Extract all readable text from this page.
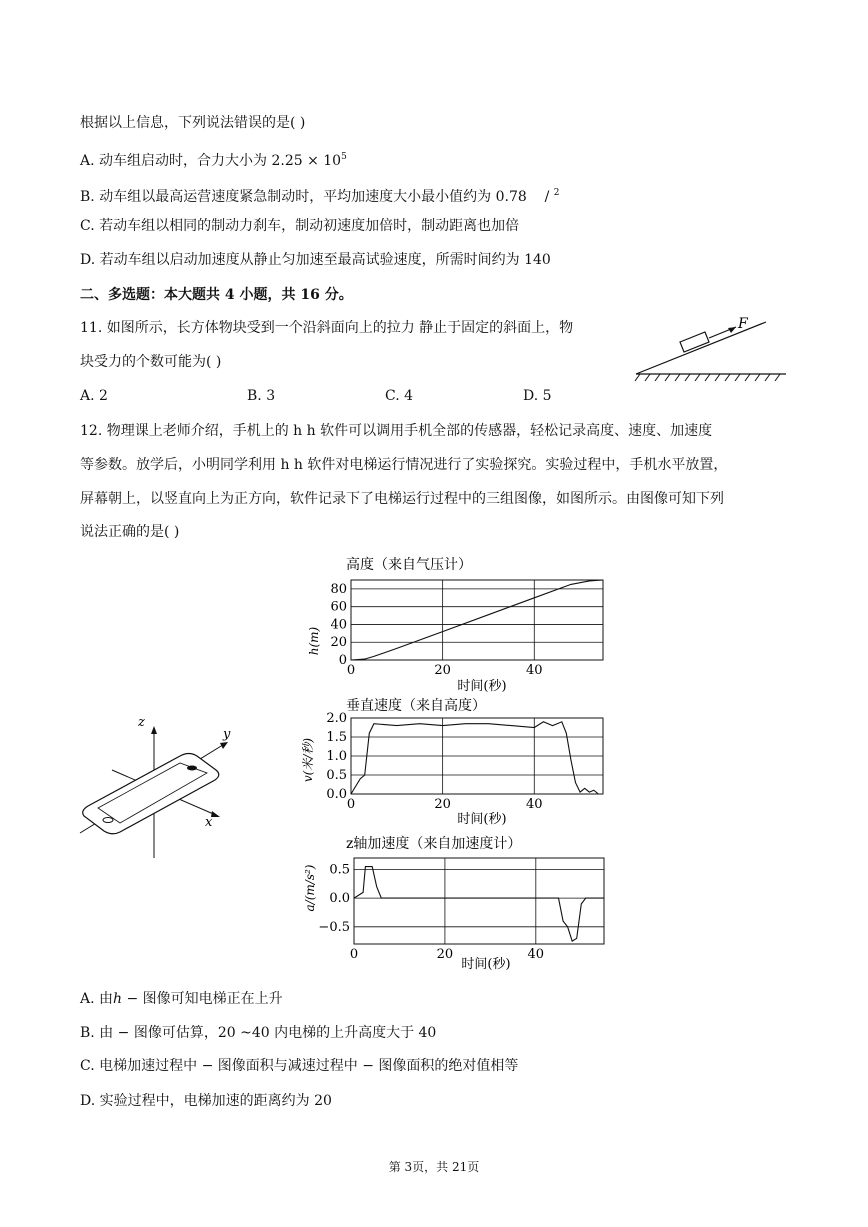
根据以上信息，下列说法错误的是( )
A. 动车组启动时，合力大小为 $2.25 \times 10^5$
B. 动车组以最高运营速度紧急制动时，平均加速度大小最小值约为 0.78 / $^2$
C. 若动车组以相同的制动力刹车，制动初速度加倍时，制动距离也加倍
D. 若动车组以启动加速度从静止匀加速至最高试验速度，所需时间约为 140
二、多选题：本大题共 4 小题，共 16 分。
11. 如图所示，长方体物块受到一个沿斜面向上的拉力 静止于固定的斜面上，物
块受力的个数可能为( )
A. 2	B. 3	C. 4	D. 5
F
12. 物理课上老师介绍，手机上的 h h 软件可以调用手机全部的传感器，轻松记录高度、速度、加速度
等参数。放学后，小明同学利用 h h 软件对电梯运行情况进行了实验探究。实验过程中，手机水平放置，
屏幕朝上，以竖直向上为正方向，软件记录下了电梯运行过程中的三组图像，如图所示。由图像可知下列
说法正确的是( )
z
y
x
高度（来自气压计）
h(m)
时间(秒)
0
20
40
60
80
0	20	40
垂直速度（来自高度）
v(米/秒)
时间(秒)
0.0
0.5
1.0
1.5
2.0
0	20	40
z轴加速度（来自加速度计）
a/(m/s²)
时间(秒)
0.5
0.0
−0.5
0	20	40
A. 由ℎ − 图像可知电梯正在上升
B. 由 − 图像可估算，20 ~40 内电梯的上升高度大于 40
C. 电梯加速过程中 − 图像面积与减速过程中 − 图像面积的绝对值相等
D. 实验过程中，电梯加速的距离约为 20
第 3页，共 21页
